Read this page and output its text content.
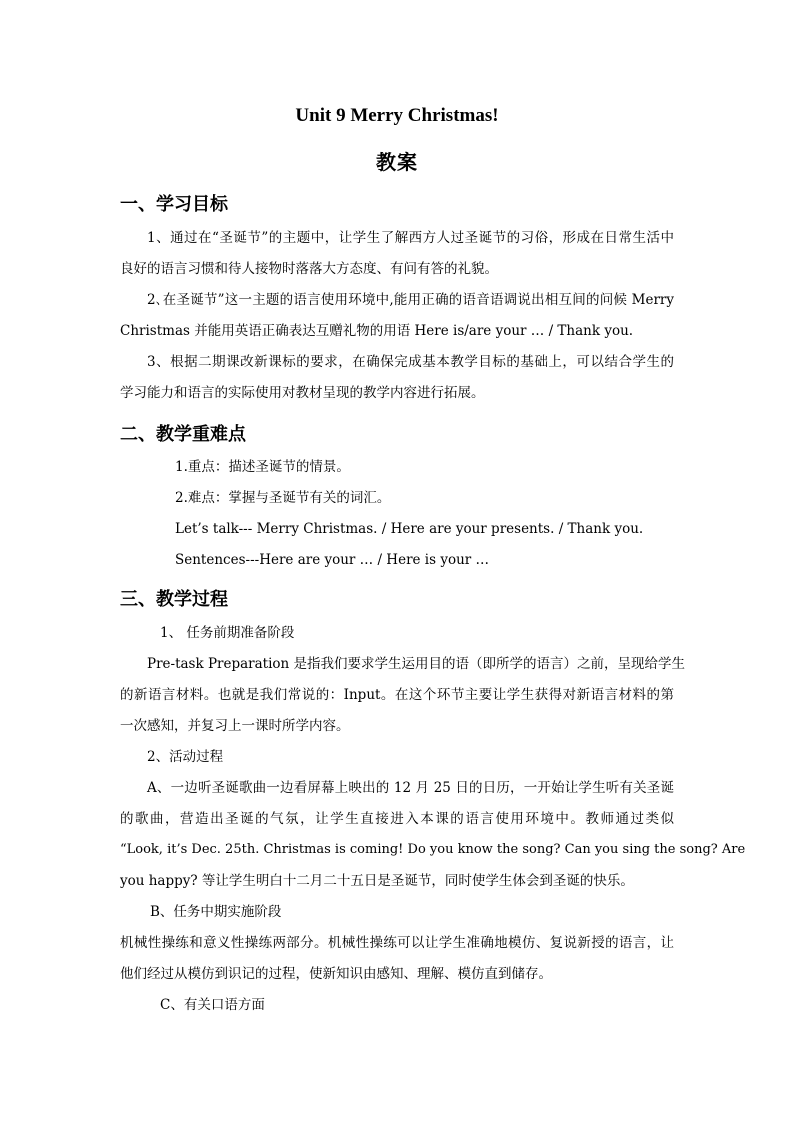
Unit 9 Merry Christmas!
教案
一、学习目标
1、通过在“圣诞节”的主题中，让学生了解西方人过圣诞节的习俗，形成在日常生活中
良好的语言习惯和待人接物时落落大方态度、有问有答的礼貌。
2､在圣诞节”这一主题的语言使用环境中,能用正确的语音语调说出相互间的问候 Merry
Christmas 并能用英语正确表达互赠礼物的用语 Here is/are your … / Thank you.
3、根据二期课改新课标的要求，在确保完成基本教学目标的基础上，可以结合学生的
学习能力和语言的实际使用对教材呈现的教学内容进行拓展。
二、教学重难点
1.重点：描述圣诞节的情景。
2.难点：掌握与圣诞节有关的词汇。
Let’s talk--- Merry Christmas. / Here are your presents. / Thank you.
Sentences---Here are your … / Here is your …
三、教学过程
1、 任务前期准备阶段
Pre-task Preparation 是指我们要求学生运用目的语（即所学的语言）之前，呈现给学生
的新语言材料。也就是我们常说的：Input。在这个环节主要让学生获得对新语言材料的第
一次感知，并复习上一课时所学内容。
2、活动过程
A、一边听圣诞歌曲一边看屏幕上映出的 12 月 25 日的日历，一开始让学生听有关圣诞
的歌曲，营造出圣诞的气氛，让学生直接进入本课的语言使用环境中。教师通过类似
“Look, it’s Dec. 25th. Christmas is coming! Do you know the song? Can you sing the song? Are
you happy? 等让学生明白十二月二十五日是圣诞节，同时使学生体会到圣诞的快乐。
B、任务中期实施阶段
机械性操练和意义性操练两部分。机械性操练可以让学生准确地模仿、复说新授的语言，让
他们经过从模仿到识记的过程，使新知识由感知、理解、模仿直到储存。
C、有关口语方面
